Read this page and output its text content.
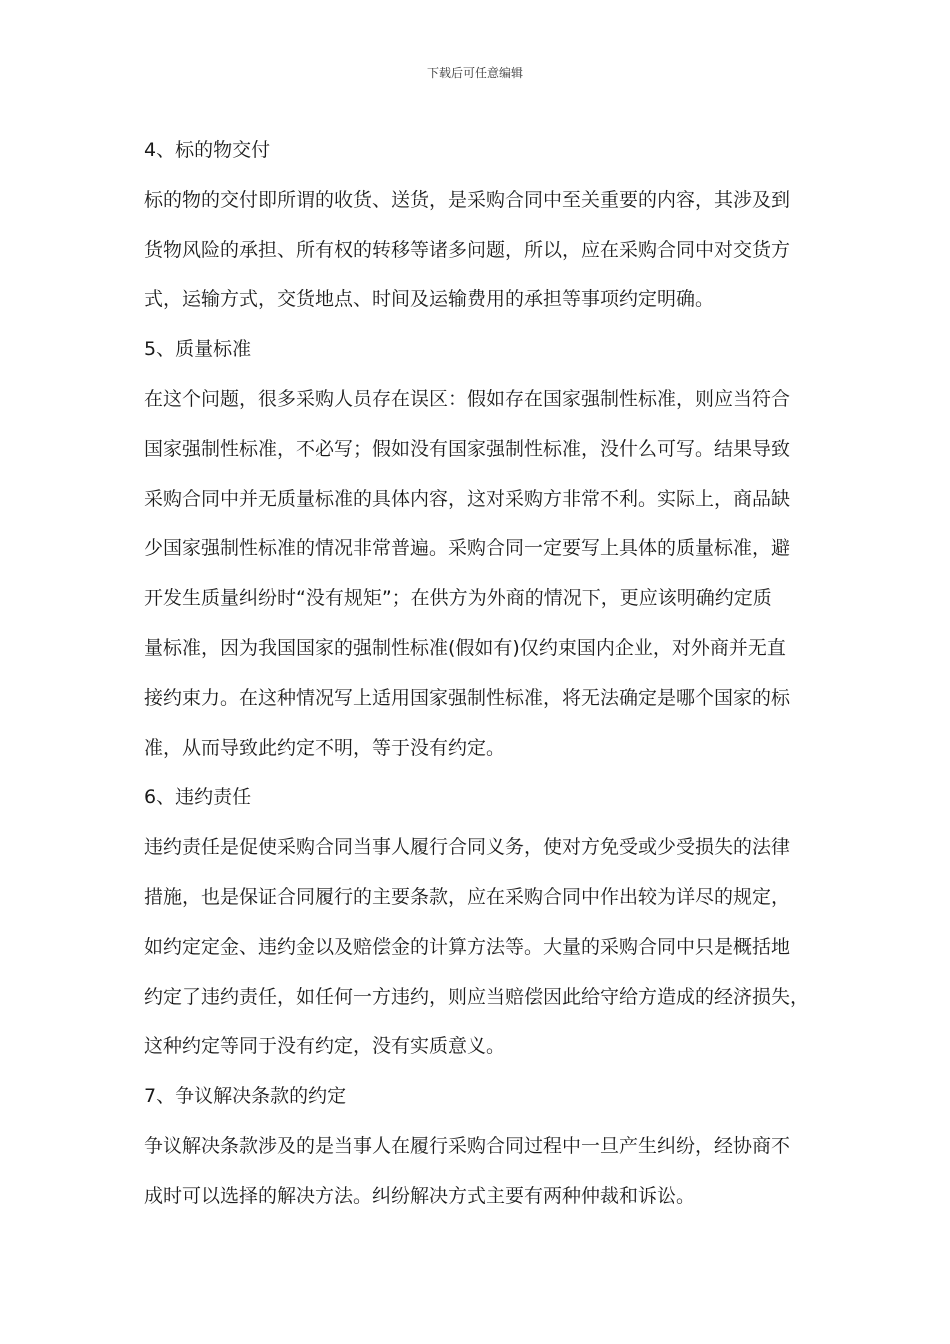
下载后可任意编辑

4、标的物交付

标的物的交付即所谓的收货、送货，是采购合同中至关重要的内容，其涉及到

货物风险的承担、所有权的转移等诸多问题，所以，应在采购合同中对交货方

式，运输方式，交货地点、时间及运输费用的承担等事项约定明确。

5、质量标准

在这个问题，很多采购人员存在误区：假如存在国家强制性标准，则应当符合

国家强制性标准，不必写；假如没有国家强制性标准，没什么可写。结果导致

采购合同中并无质量标准的具体内容，这对采购方非常不利。实际上，商品缺

少国家强制性标准的情况非常普遍。采购合同一定要写上具体的质量标准，避

开发生质量纠纷时“没有规矩”；在供方为外商的情况下，更应该明确约定质

量标准，因为我国国家的强制性标准(假如有)仅约束国内企业，对外商并无直

接约束力。在这种情况写上适用国家强制性标准，将无法确定是哪个国家的标

准，从而导致此约定不明，等于没有约定。

6、违约责任

违约责任是促使采购合同当事人履行合同义务，使对方免受或少受损失的法律

措施，也是保证合同履行的主要条款，应在采购合同中作出较为详尽的规定，

如约定定金、违约金以及赔偿金的计算方法等。大量的采购合同中只是概括地

约定了违约责任，如任何一方违约，则应当赔偿因此给守给方造成的经济损失，

这种约定等同于没有约定，没有实质意义。

7、争议解决条款的约定

争议解决条款涉及的是当事人在履行采购合同过程中一旦产生纠纷，经协商不

成时可以选择的解决方法。纠纷解决方式主要有两种仲裁和诉讼。
